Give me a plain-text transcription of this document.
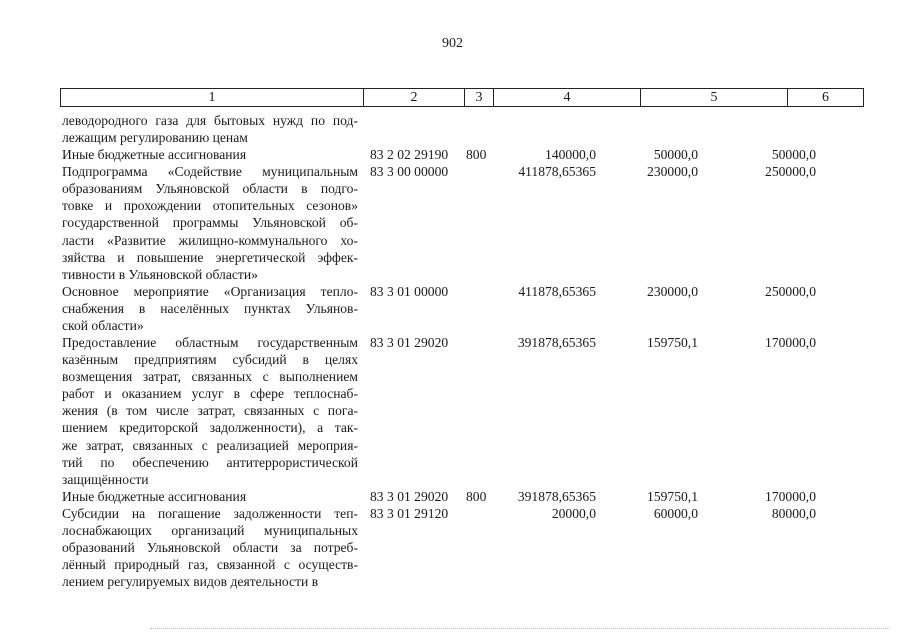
902
1	2	3	4	5	6
леводородного газа для бытовых нужд по под-
лежащим регулированию ценам
Иные бюджетные ассигнования	83 2 02 29190 800	140000,0	50000,0	50000,0
Подпрограмма «Содействие муниципальным
образованиям Ульяновской области в подго-
товке и прохождении отопительных сезонов»
государственной программы Ульяновской об-
ласти «Развитие жилищно-коммунального хо-
зяйства и повышение энергетической эффек-
тивности в Ульяновской области»
83 3 00 00000	411878,65365	230000,0	250000,0
Основное мероприятие «Организация тепло-
снабжения в населённых пунктах Ульянов-
ской области»
83 3 01 00000	411878,65365	230000,0	250000,0
Предоставление областным государственным
казённым предприятиям субсидий в целях
возмещения затрат, связанных с выполнением
работ и оказанием услуг в сфере теплоснаб-
жения (в том числе затрат, связанных с пога-
шением кредиторской задолженности), а так-
же затрат, связанных с реализацией мероприя-
тий по обеспечению антитеррористической
защищённости
83 3 01 29020	391878,65365	159750,1	170000,0
Иные бюджетные ассигнования	83 3 01 29020 800	391878,65365	159750,1	170000,0
Субсидии на погашение задолженности теп-
лоснабжающих организаций муниципальных
образований Ульяновской области за потреб-
лённый природный газ, связанной с осуществ-
лением регулируемых видов деятельности в
83 3 01 29120	20000,0	60000,0	80000,0
